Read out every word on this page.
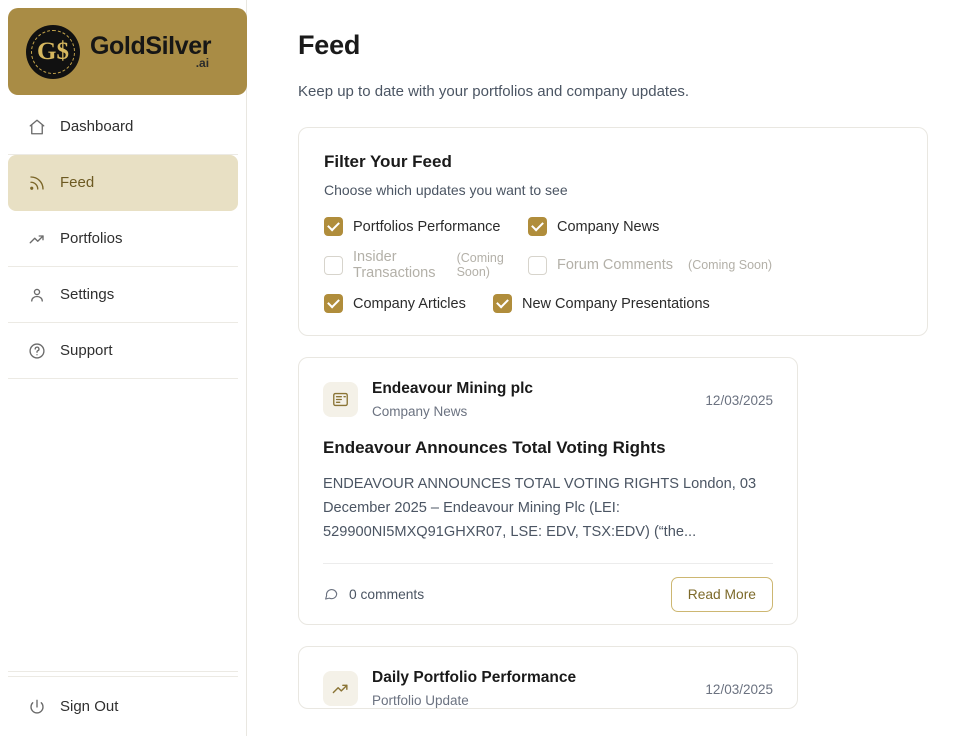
G$ GoldSilver
.ai
Dashboard
Feed
Portfolios
Settings
Support
Sign Out
Feed

Keep up to date with your portfolios and company updates.

Filter Your Feed
Choose which updates you want to see
Portfolios Performance	Company News
Insider Transactions
(Coming Soon)	Forum Comments (Coming Soon)
Company Articles	New Company Presentations
Endeavour Mining plc
Company News
12/03/2025
Endeavour Announces Total Voting Rights

ENDEAVOUR ANNOUNCES TOTAL VOTING RIGHTS London, 03 December 2025 – Endeavour Mining Plc (LEI: 529900NI5MXQ91GHXR07, LSE: EDV, TSX:EDV) (“the...

0 comments	Read More
Daily Portfolio Performance
Portfolio Update
12/03/2025
